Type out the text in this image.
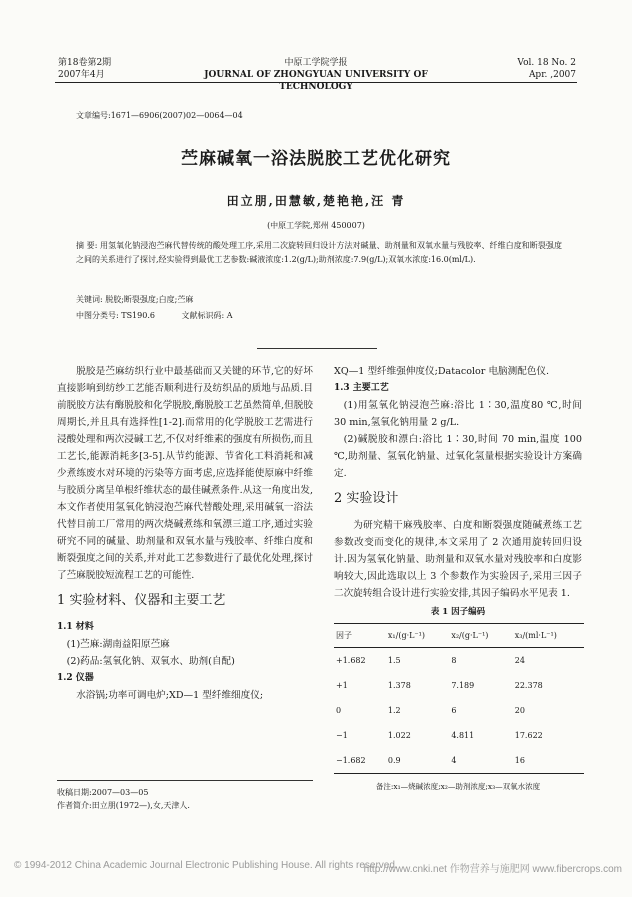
第18卷第2期
2007年4月
中原工学院学报
JOURNAL OF ZHONGYUAN UNIVERSITY OF TECHNOLOGY
Vol. 18 No. 2
Apr. ,2007
文章编号:1671—6906(2007)02—0064—04
苎麻碱氧一浴法脱胶工艺优化研究
田立朋,田慧敏,楚艳艳,汪 青
(中原工学院,郑州 450007)
摘 要: 用氢氧化钠浸泡苎麻代替传统的酸处理工序,采用二次旋转回归设计方法对碱量、助剂量和双氧水量与残胶率、纤维白度和断裂强度之间的关系进行了探讨,经实验得到最优工艺参数:碱液浓度:1.2(g/L);助剂浓度:7.9(g/L);双氧水浓度:16.0(ml/L).
关键词: 脱胶;断裂强度;白度;苎麻
中图分类号: TS190.6	文献标识码: A

脱胶是苎麻纺织行业中最基础而又关键的环节,它的好坏直接影响到纺纱工艺能否顺利进行及纺织品的质地与品质.目前脱胶方法有酶脱胶和化学脱胶,酶脱胶工艺虽然简单,但脱胶周期长,并且具有选择性[1-2].而常用的化学脱胶工艺需进行浸酸处理和两次浸碱工艺,不仅对纤维素的强度有所损伤,而且工艺长,能源消耗多[3-5].从节约能源、节省化工料消耗和减少煮练废水对环境的污染等方面考虑,应选择能使原麻中纤维与胶质分离呈单根纤维状态的最佳碱煮条件.从这一角度出发,本文作者使用氢氧化钠浸泡苎麻代替酸处理,采用碱氧一浴法代替目前工厂常用的两次烧碱煮练和氧漂三道工序,通过实验研究不同的碱量、助剂量和双氧水量与残胶率、纤维白度和断裂强度之间的关系,并对此工艺参数进行了最优化处理,探讨了苎麻脱胶短流程工艺的可能性.

1 实验材料、仪器和主要工艺

1.1 材料

(1)苎麻:湖南益阳原苎麻

(2)药品:氢氧化钠、双氧水、助剂(自配)

1.2 仪器

水浴锅;功率可调电炉;XD—1 型纤维细度仪;

收稿日期:2007—03—05
作者简介:田立朋(1972—),女,天津人.

XQ—1 型纤维强伸度仪;Datacolor 电脑测配色仪.

1.3 主要工艺

(1)用氢氧化钠浸泡苎麻:浴比 1∶30,温度80 ℃,时间 30 min,氢氧化钠用量 2 g/L.

(2)碱脱胶和漂白:浴比 1∶30,时间 70 min,温度 100 ℃,助剂量、氢氧化钠量、过氧化氢量根据实验设计方案确定.

2 实验设计

为研究精干麻残胶率、白度和断裂强度随碱煮练工艺参数改变而变化的规律,本文采用了 2 次通用旋转回归设计.因为氢氧化钠量、助剂量和双氧水量对残胶率和白度影响较大,因此选取以上 3 个参数作为实验因子,采用三因子二次旋转组合设计进行实验安排,其因子编码水平见表 1.

表 1 因子编码

因子	x₁/(g·L⁻¹)	x₂/(g·L⁻¹)	x₃/(ml·L⁻¹)
+1.682	1.5	8	24
+1	1.378	7.189	22.378
0	1.2	6	20
−1	1.022	4.811	17.622
−1.682	0.9	4	16

备注:x₁—烧碱浓度;x₂—助剂浓度;x₃—双氧水浓度

© 1994-2012 China Academic Journal Electronic Publishing House. All rights reserved.
http://www.cnki.net 作物营养与施肥网 www.fibercrops.com
